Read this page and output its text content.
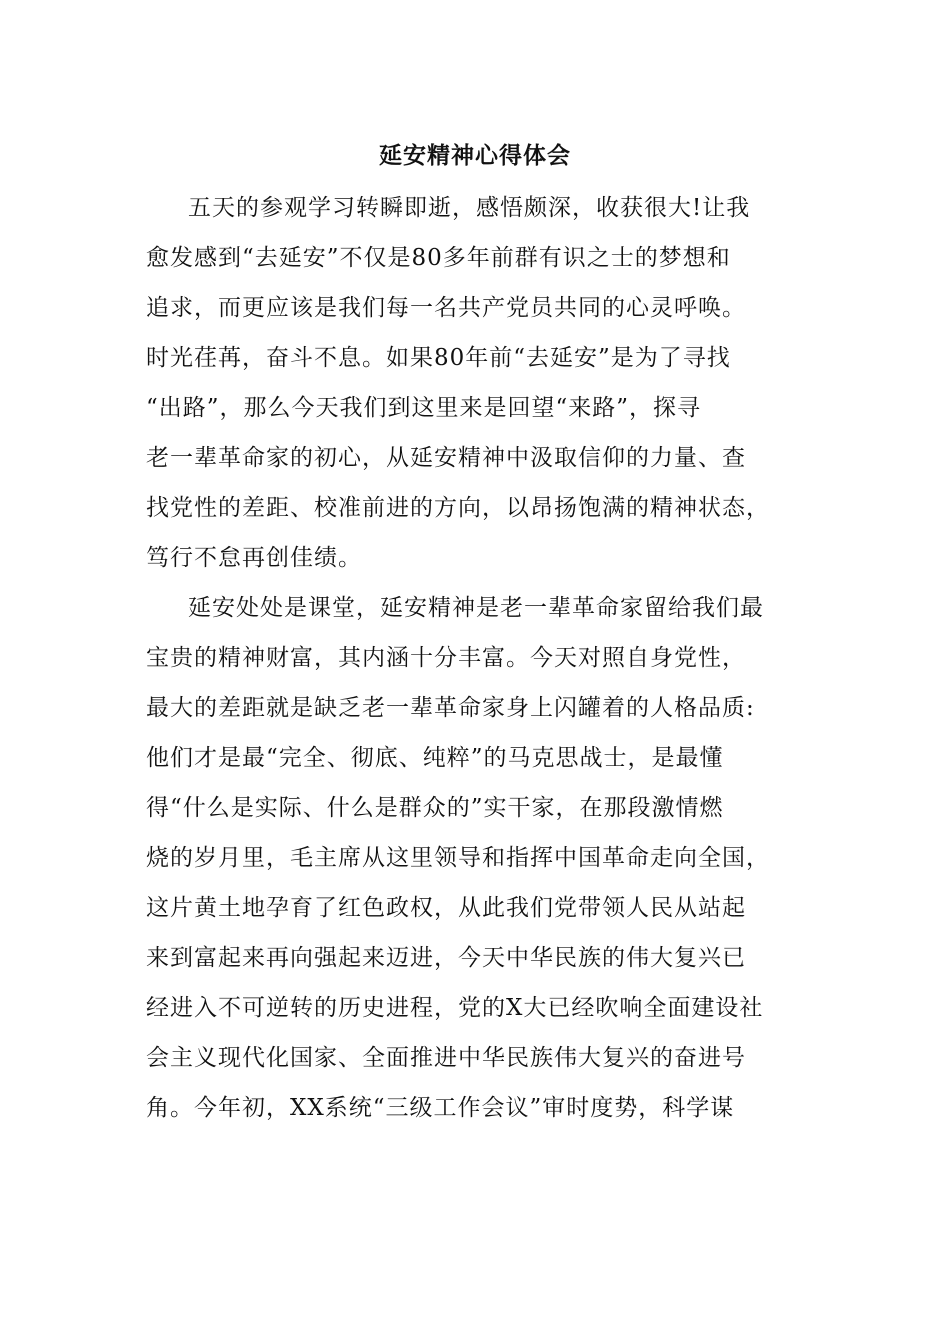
延安精神心得体会
五天的参观学习转瞬即逝，感悟颇深，收获很大!让我
愈发感到“去延安”不仅是80多年前群有识之士的梦想和
追求，而更应该是我们每一名共产党员共同的心灵呼唤。
时光荏苒，奋斗不息。如果80年前“去延安”是为了寻找
“出路”，那么今天我们到这里来是回望“来路”，探寻
老一辈革命家的初心，从延安精神中汲取信仰的力量、查
找党性的差距、校准前进的方向，以昂扬饱满的精神状态，
笃行不怠再创佳绩。
延安处处是课堂，延安精神是老一辈革命家留给我们最
宝贵的精神财富，其内涵十分丰富。今天对照自身党性，
最大的差距就是缺乏老一辈革命家身上闪罐着的人格品质:
他们才是最“完全、彻底、纯粹”的马克思战士，是最懂
得“什么是实际、什么是群众的”实干家，在那段激情燃
烧的岁月里，毛主席从这里领导和指挥中国革命走向全国，
这片黄土地孕育了红色政权，从此我们党带领人民从站起
来到富起来再向强起来迈进，今天中华民族的伟大复兴已
经进入不可逆转的历史进程，党的X大已经吹响全面建设社
会主义现代化国家、全面推进中华民族伟大复兴的奋进号
角。今年初，XX系统“三级工作会议”审时度势，科学谋
